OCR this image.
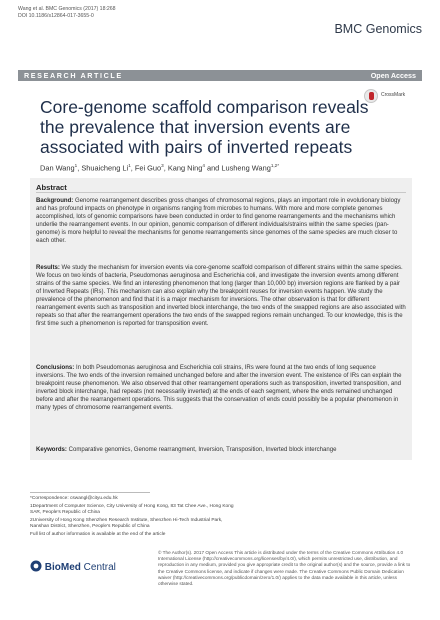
Wang et al. BMC Genomics (2017) 18:268
DOI 10.1186/s12864-017-3655-0
BMC Genomics
RESEARCH ARTICLE	Open Access
CrossMark
Core-genome scaffold comparison reveals the prevalence that inversion events are associated with pairs of inverted repeats
Dan Wang$^1$, Shuaicheng Li$^1$, Fei Guo$^3$, Kang Ning$^4$ and Lusheng Wang$^{1,2*}$
Abstract
Background: Genome rearrangement describes gross changes of chromosomal regions, plays an important role in evolutionary biology and has profound impacts on phenotype in organisms ranging from microbes to humans. With more and more complete genomes accomplished, lots of genomic comparisons have been conducted in order to find genome rearrangements and the mechanisms which underlie the rearrangement events. In our opinion, genomic comparison of different individuals/strains within the same species (pan-genome) is more helpful to reveal the mechanisms for genome rearrangements since genomes of the same species are much closer to each other.
Results: We study the mechanism for inversion events via core-genome scaffold comparison of different strains within the same species. We focus on two kinds of bacteria, Pseudomonas aeruginosa and Escherichia coli, and investigate the inversion events among different strains of the same species. We find an interesting phenomenon that long (larger than 10,000 bp) inversion regions are flanked by a pair of Inverted Repeats (IRs). This mechanism can also explain why the breakpoint reuses for inversion events happen. We study the prevalence of the phenomenon and find that it is a major mechanism for inversions. The other observation is that for different rearrangement events such as transposition and inverted block interchange, the two ends of the swapped regions are also associated with repeats so that after the rearrangement operations the two ends of the swapped regions remain unchanged. To our knowledge, this is the first time such a phenomenon is reported for transposition event.
Conclusions: In both Pseudomonas aeruginosa and Escherichia coli strains, IRs were found at the two ends of long sequence inversions. The two ends of the inversion remained unchanged before and after the inversion event. The existence of IRs can explain the breakpoint reuse phenomenon. We also observed that other rearrangement operations such as transposition, inverted transposition, and inverted block interchange, had repeats (not necessarily inverted) at the ends of each segment, where the ends remained unchanged before and after the rearrangement operations. This suggests that the conservation of ends could possibly be a popular phenomenon in many types of chromosome rearrangement events.
Keywords: Comparative genomics, Genome rearrangment, Inversion, Transposition, Inverted block interchange
*Correspondence: cswangl@cityu.edu.hk
1Department of Computer Science, City University of Hong Kong, 83 Tat Chee Ave., Hong Kong SAR, People's Republic of China
2University of Hong Kong Shenzhen Research Institute, Shenzhen Hi-Tech Industrial Park, Nanshan District, Shenzhen, People's Republic of China
Full list of author information is available at the end of the article
BioMed Central
© The Author(s). 2017 Open Access This article is distributed under the terms of the Creative Commons Attribution 4.0 International License (http://creativecommons.org/licenses/by/4.0/), which permits unrestricted use, distribution, and reproduction in any medium, provided you give appropriate credit to the original author(s) and the source, provide a link to the Creative Commons license, and indicate if changes were made. The Creative Commons Public Domain Dedication waiver (http://creativecommons.org/publicdomain/zero/1.0/) applies to the data made available in this article, unless otherwise stated.
